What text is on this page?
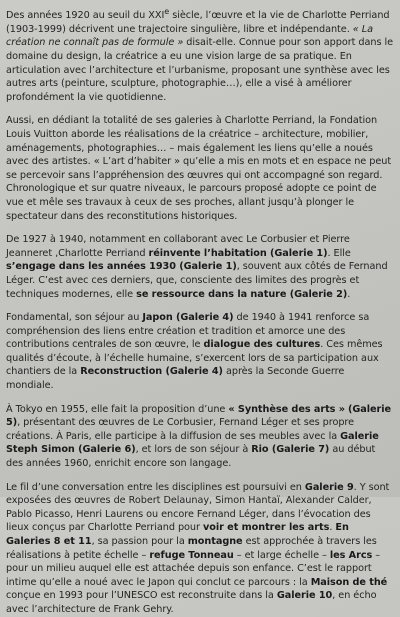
Des années 1920 au seuil du XXIe siècle, l’œuvre et la vie de Charlotte Perriand (1903-1999) décrivent une trajectoire singulière, libre et indépendante. « La création ne connaît pas de formule » disait-elle. Connue pour son apport dans le domaine du design, la créatrice a eu une vision large de sa pratique. En articulation avec l’architecture et l’urbanisme, proposant une synthèse avec les autres arts (peinture, sculpture, photographie…), elle a visé à améliorer profondément la vie quotidienne.

Aussi, en dédiant la totalité de ses galeries à Charlotte Perriand, la Fondation Louis Vuitton aborde les réalisations de la créatrice – architecture, mobilier, aménagements, photographies… – mais également les liens qu’elle a noués avec des artistes. « L’art d’habiter » qu’elle a mis en mots et en espace ne peut se percevoir sans l’appréhension des œuvres qui ont accompagné son regard. Chronologique et sur quatre niveaux, le parcours proposé adopte ce point de vue et mêle ses travaux à ceux de ses proches, allant jusqu’à plonger le spectateur dans des reconstitutions historiques.

De 1927 à 1940, notamment en collaborant avec Le Corbusier et Pierre Jeanneret ,Charlotte Perriand réinvente l’habitation (Galerie 1). Elle s’engage dans les années 1930 (Galerie 1), souvent aux côtés de Fernand Léger. C’est avec ces derniers, que, consciente des limites des progrès et techniques modernes, elle se ressource dans la nature (Galerie 2).

Fondamental, son séjour au Japon (Galerie 4) de 1940 à 1941 renforce sa compréhension des liens entre création et tradition et amorce une des contributions centrales de son œuvre, le dialogue des cultures. Ces mêmes qualités d’écoute, à l’échelle humaine, s’exercent lors de sa participation aux chantiers de la Reconstruction (Galerie 4) après la Seconde Guerre mondiale.

À Tokyo en 1955, elle fait la proposition d’une « Synthèse des arts » (Galerie 5), présentant des œuvres de Le Corbusier, Fernand Léger et ses propre créations. À Paris, elle participe à la diffusion de ses meubles avec la Galerie Steph Simon (Galerie 6), et lors de son séjour à Rio (Galerie 7) au début des années 1960, enrichit encore son langage.

Le fil d’une conversation entre les disciplines est poursuivi en Galerie 9. Y sont exposées des œuvres de Robert Delaunay, Simon Hantaï, Alexander Calder, Pablo Picasso, Henri Laurens ou encore Fernand Léger, dans l’évocation des lieux conçus par Charlotte Perriand pour voir et montrer les arts. En Galeries 8 et 11, sa passion pour la montagne est approchée à travers les réalisations à petite échelle – refuge Tonneau – et large échelle – les Arcs – pour un milieu auquel elle est attachée depuis son enfance. C’est le rapport intime qu’elle a noué avec le Japon qui conclut ce parcours : la Maison de thé conçue en 1993 pour l’UNESCO est reconstruite dans la Galerie 10, en écho avec l’architecture de Frank Gehry.
